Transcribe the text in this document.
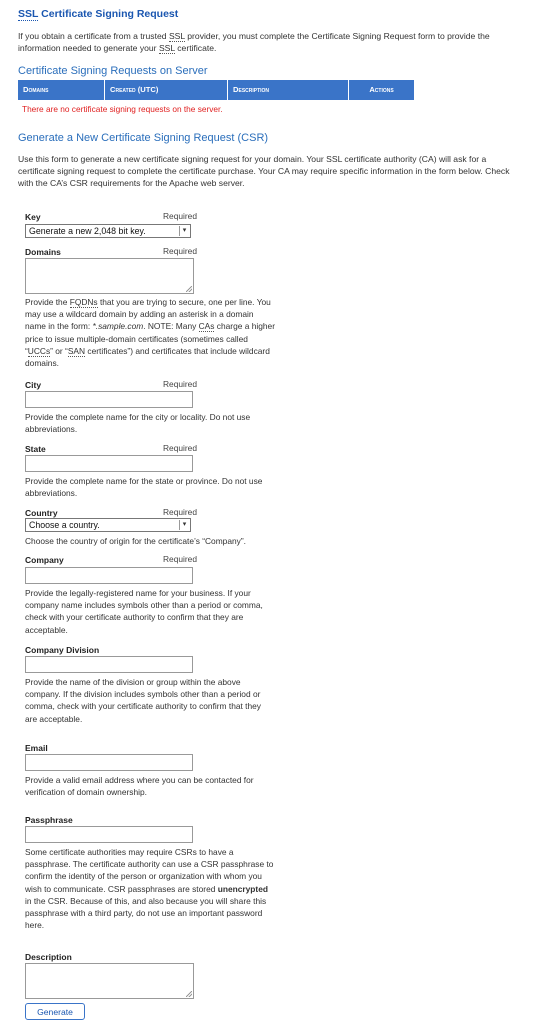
SSL Certificate Signing Request
If you obtain a certificate from a trusted SSL provider, you must complete the Certificate Signing Request form to provide the information needed to generate your SSL certificate.
Certificate Signing Requests on Server
Domains	Created (UTC)	Description	Actions
There are no certificate signing requests on the server.
Generate a New Certificate Signing Request (CSR)
Use this form to generate a new certificate signing request for your domain. Your SSL certificate authority (CA) will ask for a certificate signing request to complete the certificate purchase. Your CA may require specific information in the form below. Check with the CA’s CSR requirements for the Apache web server.
Key	Required
Generate a new 2,048 bit key.	▾
Domains	Required
Provide the FQDNs that you are trying to secure, one per line. You may use a wildcard domain by adding an asterisk in a domain name in the form: *.sample.com. NOTE: Many CAs charge a higher price to issue multiple-domain certificates (sometimes called “UCCs” or “SAN certificates”) and certificates that include wildcard domains.
City	Required
Provide the complete name for the city or locality. Do not use abbreviations.
State	Required
Provide the complete name for the state or province. Do not use abbreviations.
Country	Required
Choose a country.	▾
Choose the country of origin for the certificate’s “Company”.
Company	Required
Provide the legally-registered name for your business. If your company name includes symbols other than a period or comma, check with your certificate authority to confirm that they are acceptable.
Company Division
Provide the name of the division or group within the above company. If the division includes symbols other than a period or comma, check with your certificate authority to confirm that they are acceptable.
Email
Provide a valid email address where you can be contacted for verification of domain ownership.
Passphrase
Some certificate authorities may require CSRs to have a passphrase. The certificate authority can use a CSR passphrase to confirm the identity of the person or organization with whom you wish to communicate. CSR passphrases are stored unencrypted in the CSR. Because of this, and also because you will share this passphrase with a third party, do not use an important password here.
Description
Generate
